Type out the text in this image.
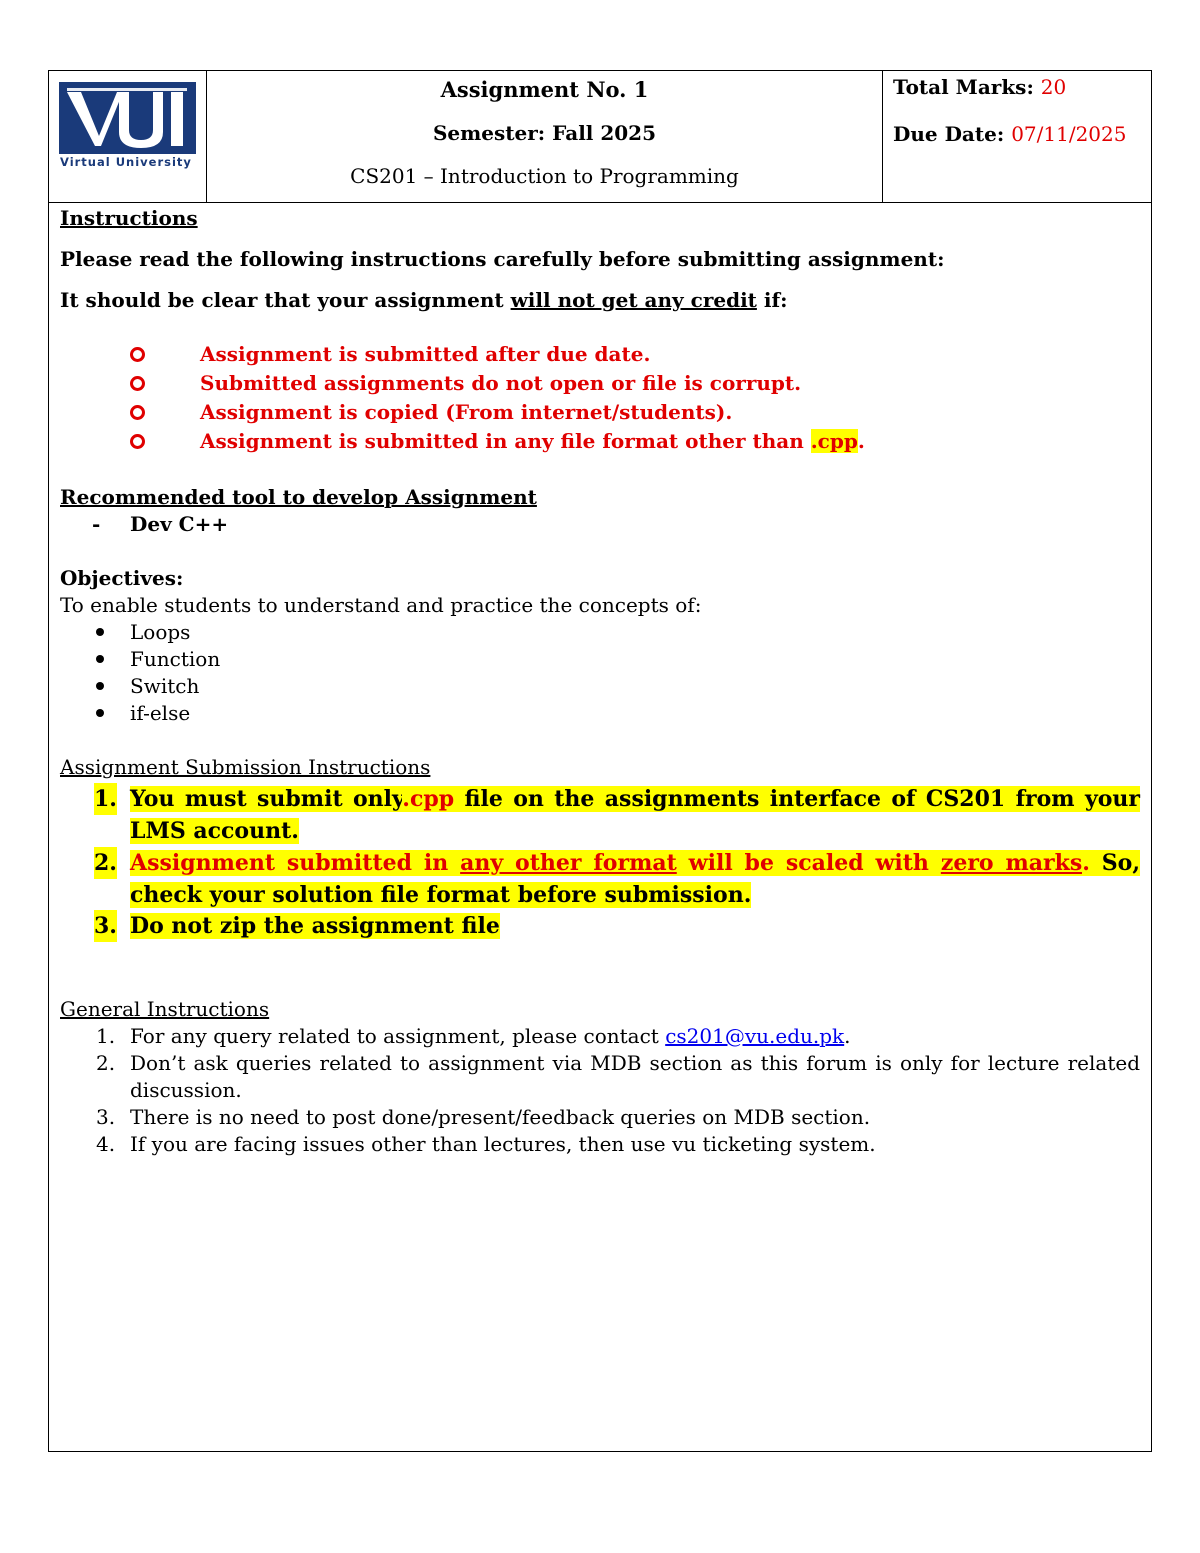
Virtual University
Assignment No. 1
Semester: Fall 2025
CS201 – Introduction to Programming
Total Marks: 20
Due Date: 07/11/2025
Instructions
Please read the following instructions carefully before submitting assignment:
It should be clear that your assignment will not get any credit if:
Assignment is submitted after due date.
Submitted assignments do not open or file is corrupt.
Assignment is copied (From internet/students).
Assignment is submitted in any file format other than .cpp.
Recommended tool to develop Assignment
- Dev C++
Objectives:
To enable students to understand and practice the concepts of:
Loops
Function
Switch
if-else
Assignment Submission Instructions
1. You must submit only.cpp file on the assignments interface of CS201 from your LMS account.
2. Assignment submitted in any other format will be scaled with zero marks. So, check your solution file format before submission.
3. Do not zip the assignment file
General Instructions
1. For any query related to assignment, please contact cs201@vu.edu.pk.
2. Don’t ask queries related to assignment via MDB section as this forum is only for lecture related discussion.
3. There is no need to post done/present/feedback queries on MDB section.
4. If you are facing issues other than lectures, then use vu ticketing system.
